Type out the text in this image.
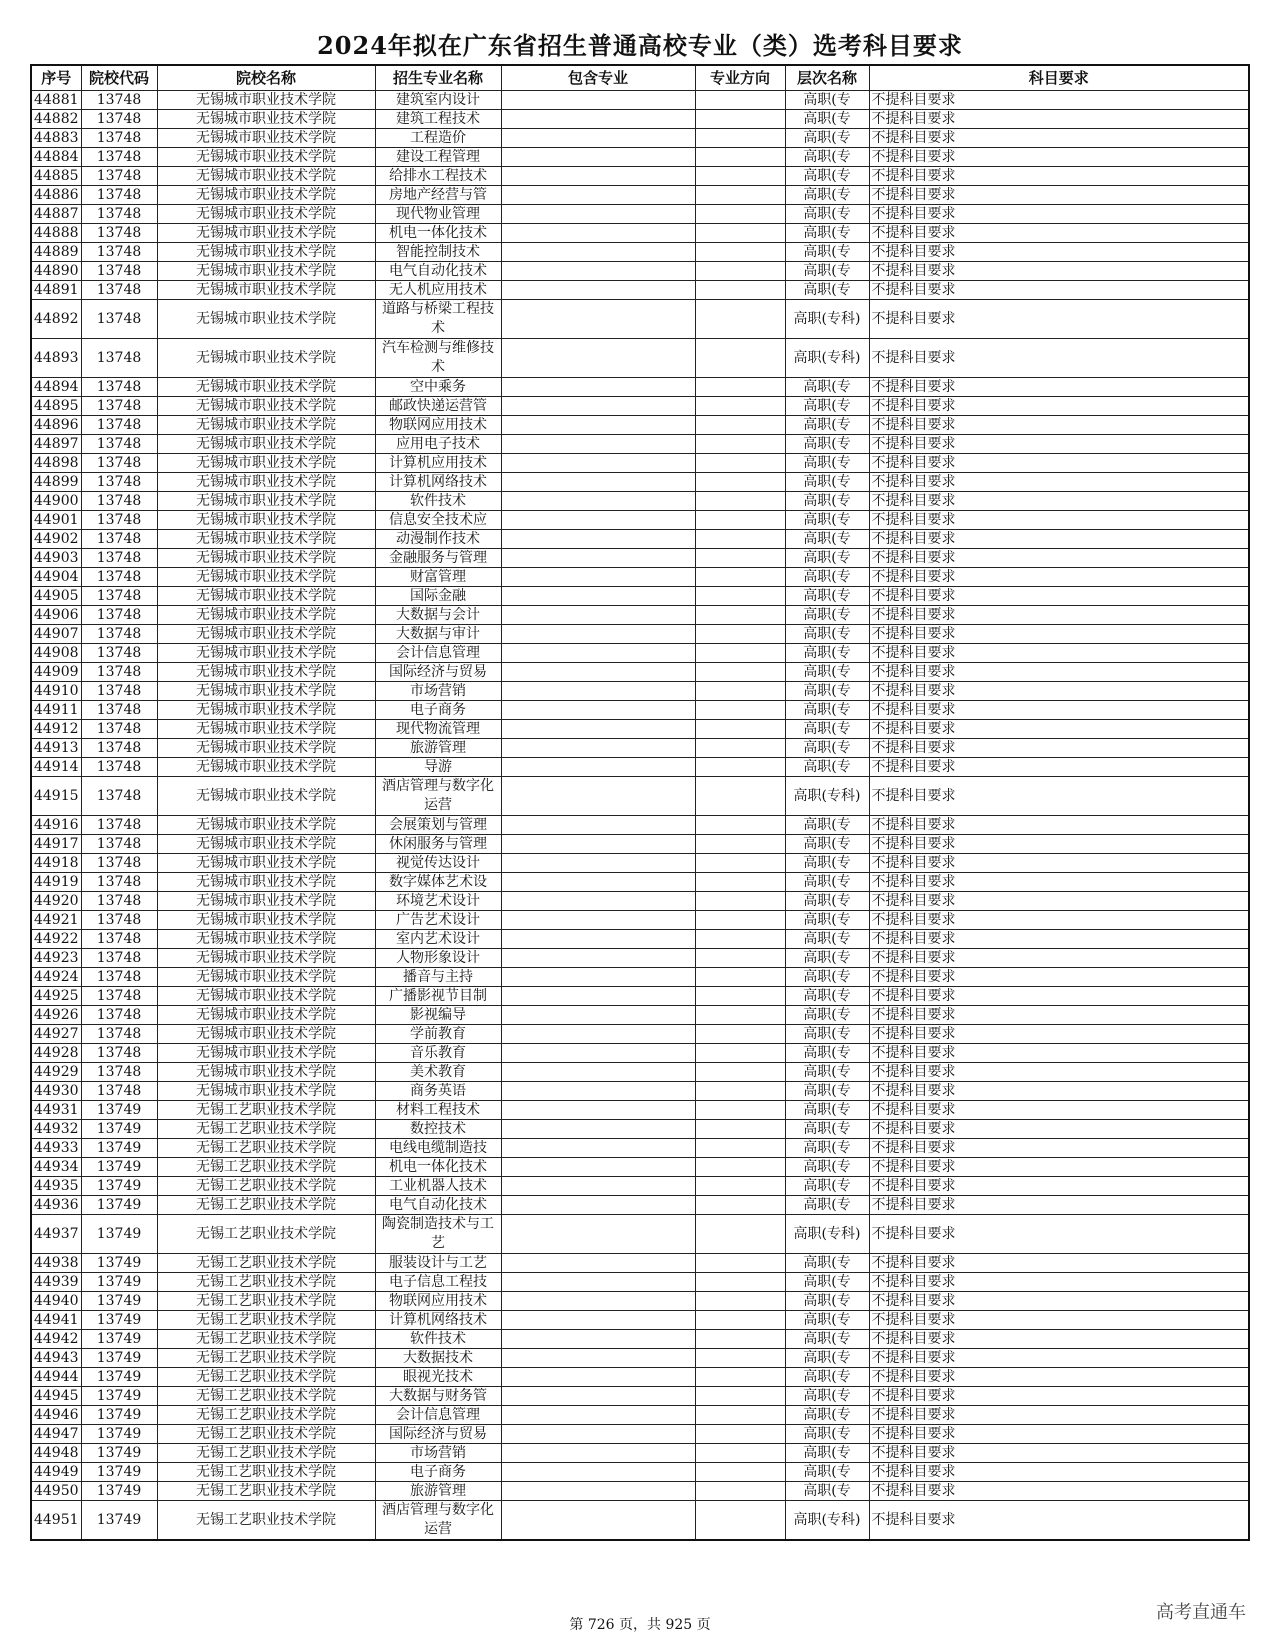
2024年拟在广东省招生普通高校专业（类）选考科目要求
序号	院校代码	院校名称	招生专业名称	包含专业	专业方向	层次名称	科目要求
44881	13748	无锡城市职业技术学院	建筑室内设计			高职(专	不提科目要求
44882	13748	无锡城市职业技术学院	建筑工程技术			高职(专	不提科目要求
44883	13748	无锡城市职业技术学院	工程造价			高职(专	不提科目要求
44884	13748	无锡城市职业技术学院	建设工程管理			高职(专	不提科目要求
44885	13748	无锡城市职业技术学院	给排水工程技术			高职(专	不提科目要求
44886	13748	无锡城市职业技术学院	房地产经营与管			高职(专	不提科目要求
44887	13748	无锡城市职业技术学院	现代物业管理			高职(专	不提科目要求
44888	13748	无锡城市职业技术学院	机电一体化技术			高职(专	不提科目要求
44889	13748	无锡城市职业技术学院	智能控制技术			高职(专	不提科目要求
44890	13748	无锡城市职业技术学院	电气自动化技术			高职(专	不提科目要求
44891	13748	无锡城市职业技术学院	无人机应用技术			高职(专	不提科目要求
44892	13748	无锡城市职业技术学院	道路与桥梁工程技术			高职(专科)	不提科目要求
44893	13748	无锡城市职业技术学院	汽车检测与维修技术			高职(专科)	不提科目要求
44894	13748	无锡城市职业技术学院	空中乘务			高职(专	不提科目要求
44895	13748	无锡城市职业技术学院	邮政快递运营管			高职(专	不提科目要求
44896	13748	无锡城市职业技术学院	物联网应用技术			高职(专	不提科目要求
44897	13748	无锡城市职业技术学院	应用电子技术			高职(专	不提科目要求
44898	13748	无锡城市职业技术学院	计算机应用技术			高职(专	不提科目要求
44899	13748	无锡城市职业技术学院	计算机网络技术			高职(专	不提科目要求
44900	13748	无锡城市职业技术学院	软件技术			高职(专	不提科目要求
44901	13748	无锡城市职业技术学院	信息安全技术应			高职(专	不提科目要求
44902	13748	无锡城市职业技术学院	动漫制作技术			高职(专	不提科目要求
44903	13748	无锡城市职业技术学院	金融服务与管理			高职(专	不提科目要求
44904	13748	无锡城市职业技术学院	财富管理			高职(专	不提科目要求
44905	13748	无锡城市职业技术学院	国际金融			高职(专	不提科目要求
44906	13748	无锡城市职业技术学院	大数据与会计			高职(专	不提科目要求
44907	13748	无锡城市职业技术学院	大数据与审计			高职(专	不提科目要求
44908	13748	无锡城市职业技术学院	会计信息管理			高职(专	不提科目要求
44909	13748	无锡城市职业技术学院	国际经济与贸易			高职(专	不提科目要求
44910	13748	无锡城市职业技术学院	市场营销			高职(专	不提科目要求
44911	13748	无锡城市职业技术学院	电子商务			高职(专	不提科目要求
44912	13748	无锡城市职业技术学院	现代物流管理			高职(专	不提科目要求
44913	13748	无锡城市职业技术学院	旅游管理			高职(专	不提科目要求
44914	13748	无锡城市职业技术学院	导游			高职(专	不提科目要求
44915	13748	无锡城市职业技术学院	酒店管理与数字化运营			高职(专科)	不提科目要求
44916	13748	无锡城市职业技术学院	会展策划与管理			高职(专	不提科目要求
44917	13748	无锡城市职业技术学院	休闲服务与管理			高职(专	不提科目要求
44918	13748	无锡城市职业技术学院	视觉传达设计			高职(专	不提科目要求
44919	13748	无锡城市职业技术学院	数字媒体艺术设			高职(专	不提科目要求
44920	13748	无锡城市职业技术学院	环境艺术设计			高职(专	不提科目要求
44921	13748	无锡城市职业技术学院	广告艺术设计			高职(专	不提科目要求
44922	13748	无锡城市职业技术学院	室内艺术设计			高职(专	不提科目要求
44923	13748	无锡城市职业技术学院	人物形象设计			高职(专	不提科目要求
44924	13748	无锡城市职业技术学院	播音与主持			高职(专	不提科目要求
44925	13748	无锡城市职业技术学院	广播影视节目制			高职(专	不提科目要求
44926	13748	无锡城市职业技术学院	影视编导			高职(专	不提科目要求
44927	13748	无锡城市职业技术学院	学前教育			高职(专	不提科目要求
44928	13748	无锡城市职业技术学院	音乐教育			高职(专	不提科目要求
44929	13748	无锡城市职业技术学院	美术教育			高职(专	不提科目要求
44930	13748	无锡城市职业技术学院	商务英语			高职(专	不提科目要求
44931	13749	无锡工艺职业技术学院	材料工程技术			高职(专	不提科目要求
44932	13749	无锡工艺职业技术学院	数控技术			高职(专	不提科目要求
44933	13749	无锡工艺职业技术学院	电线电缆制造技			高职(专	不提科目要求
44934	13749	无锡工艺职业技术学院	机电一体化技术			高职(专	不提科目要求
44935	13749	无锡工艺职业技术学院	工业机器人技术			高职(专	不提科目要求
44936	13749	无锡工艺职业技术学院	电气自动化技术			高职(专	不提科目要求
44937	13749	无锡工艺职业技术学院	陶瓷制造技术与工艺			高职(专科)	不提科目要求
44938	13749	无锡工艺职业技术学院	服装设计与工艺			高职(专	不提科目要求
44939	13749	无锡工艺职业技术学院	电子信息工程技			高职(专	不提科目要求
44940	13749	无锡工艺职业技术学院	物联网应用技术			高职(专	不提科目要求
44941	13749	无锡工艺职业技术学院	计算机网络技术			高职(专	不提科目要求
44942	13749	无锡工艺职业技术学院	软件技术			高职(专	不提科目要求
44943	13749	无锡工艺职业技术学院	大数据技术			高职(专	不提科目要求
44944	13749	无锡工艺职业技术学院	眼视光技术			高职(专	不提科目要求
44945	13749	无锡工艺职业技术学院	大数据与财务管			高职(专	不提科目要求
44946	13749	无锡工艺职业技术学院	会计信息管理			高职(专	不提科目要求
44947	13749	无锡工艺职业技术学院	国际经济与贸易			高职(专	不提科目要求
44948	13749	无锡工艺职业技术学院	市场营销			高职(专	不提科目要求
44949	13749	无锡工艺职业技术学院	电子商务			高职(专	不提科目要求
44950	13749	无锡工艺职业技术学院	旅游管理			高职(专	不提科目要求
44951	13749	无锡工艺职业技术学院	酒店管理与数字化运营			高职(专科)	不提科目要求
第 726 页，共 925 页
高考直通车
